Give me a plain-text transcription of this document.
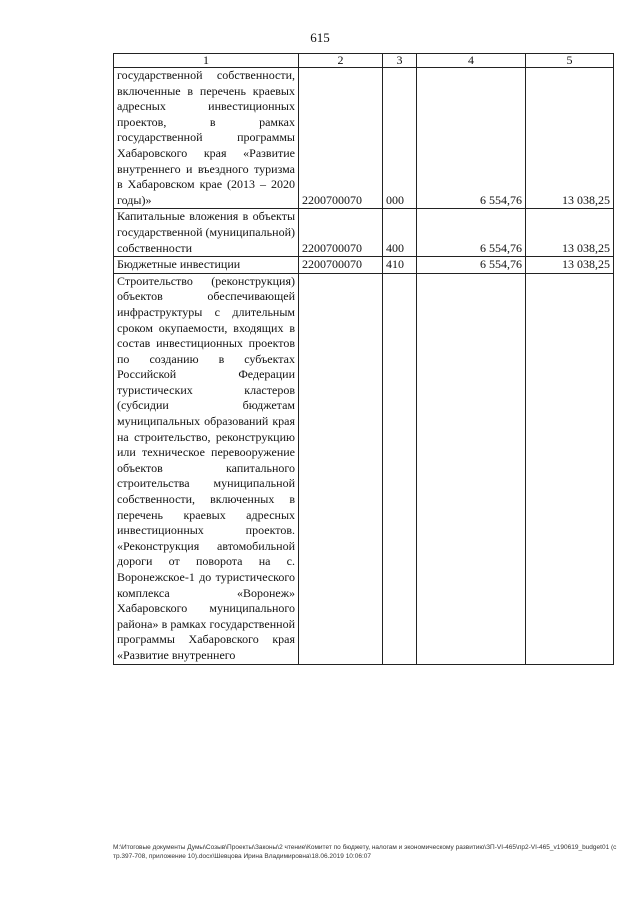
615
1	2	3	4	5
государственной собственности, включенные в перечень краевых адресных инвестиционных проектов, в рамках государственной программы Хабаровского края «Развитие внутреннего и въездного туризма в Хабаровском крае (2013 – 2020 годы)»	2200700070	000	6 554,76	13 038,25
Капитальные вложения в объекты государственной (муниципальной) собственности	2200700070	400	6 554,76	13 038,25
Бюджетные инвестиции	2200700070	410	6 554,76	13 038,25
Строительство (реконструкция) объектов обеспечивающей инфраструктуры с длительным сроком окупаемости, входящих в состав инвестиционных проектов по созданию в субъектах Российской Федерации туристических кластеров (субсидии бюджетам муниципальных образований края на строительство, реконструкцию или техническое перевооружение объектов капитального строительства муниципальной собственности, включенных в перечень краевых адресных инвестиционных проектов. «Реконструкция автомобильной дороги от поворота на с. Воронежское-1 до туристического комплекса «Воронеж» Хабаровского муниципального района» в рамках государственной программы Хабаровского края «Развитие внутреннего				
M:\Итоговые документы Думы\Созыв\Проекты\Законы\2 чтение\Комитет по бюджету, налогам и экономическому развитию\ЗП-VI-465\пр2-VI-465_v190619_budget01 (стр.397-708, приложение 10).docx\Шевцова Ирина Владимировна\18.06.2019 10:06:07
